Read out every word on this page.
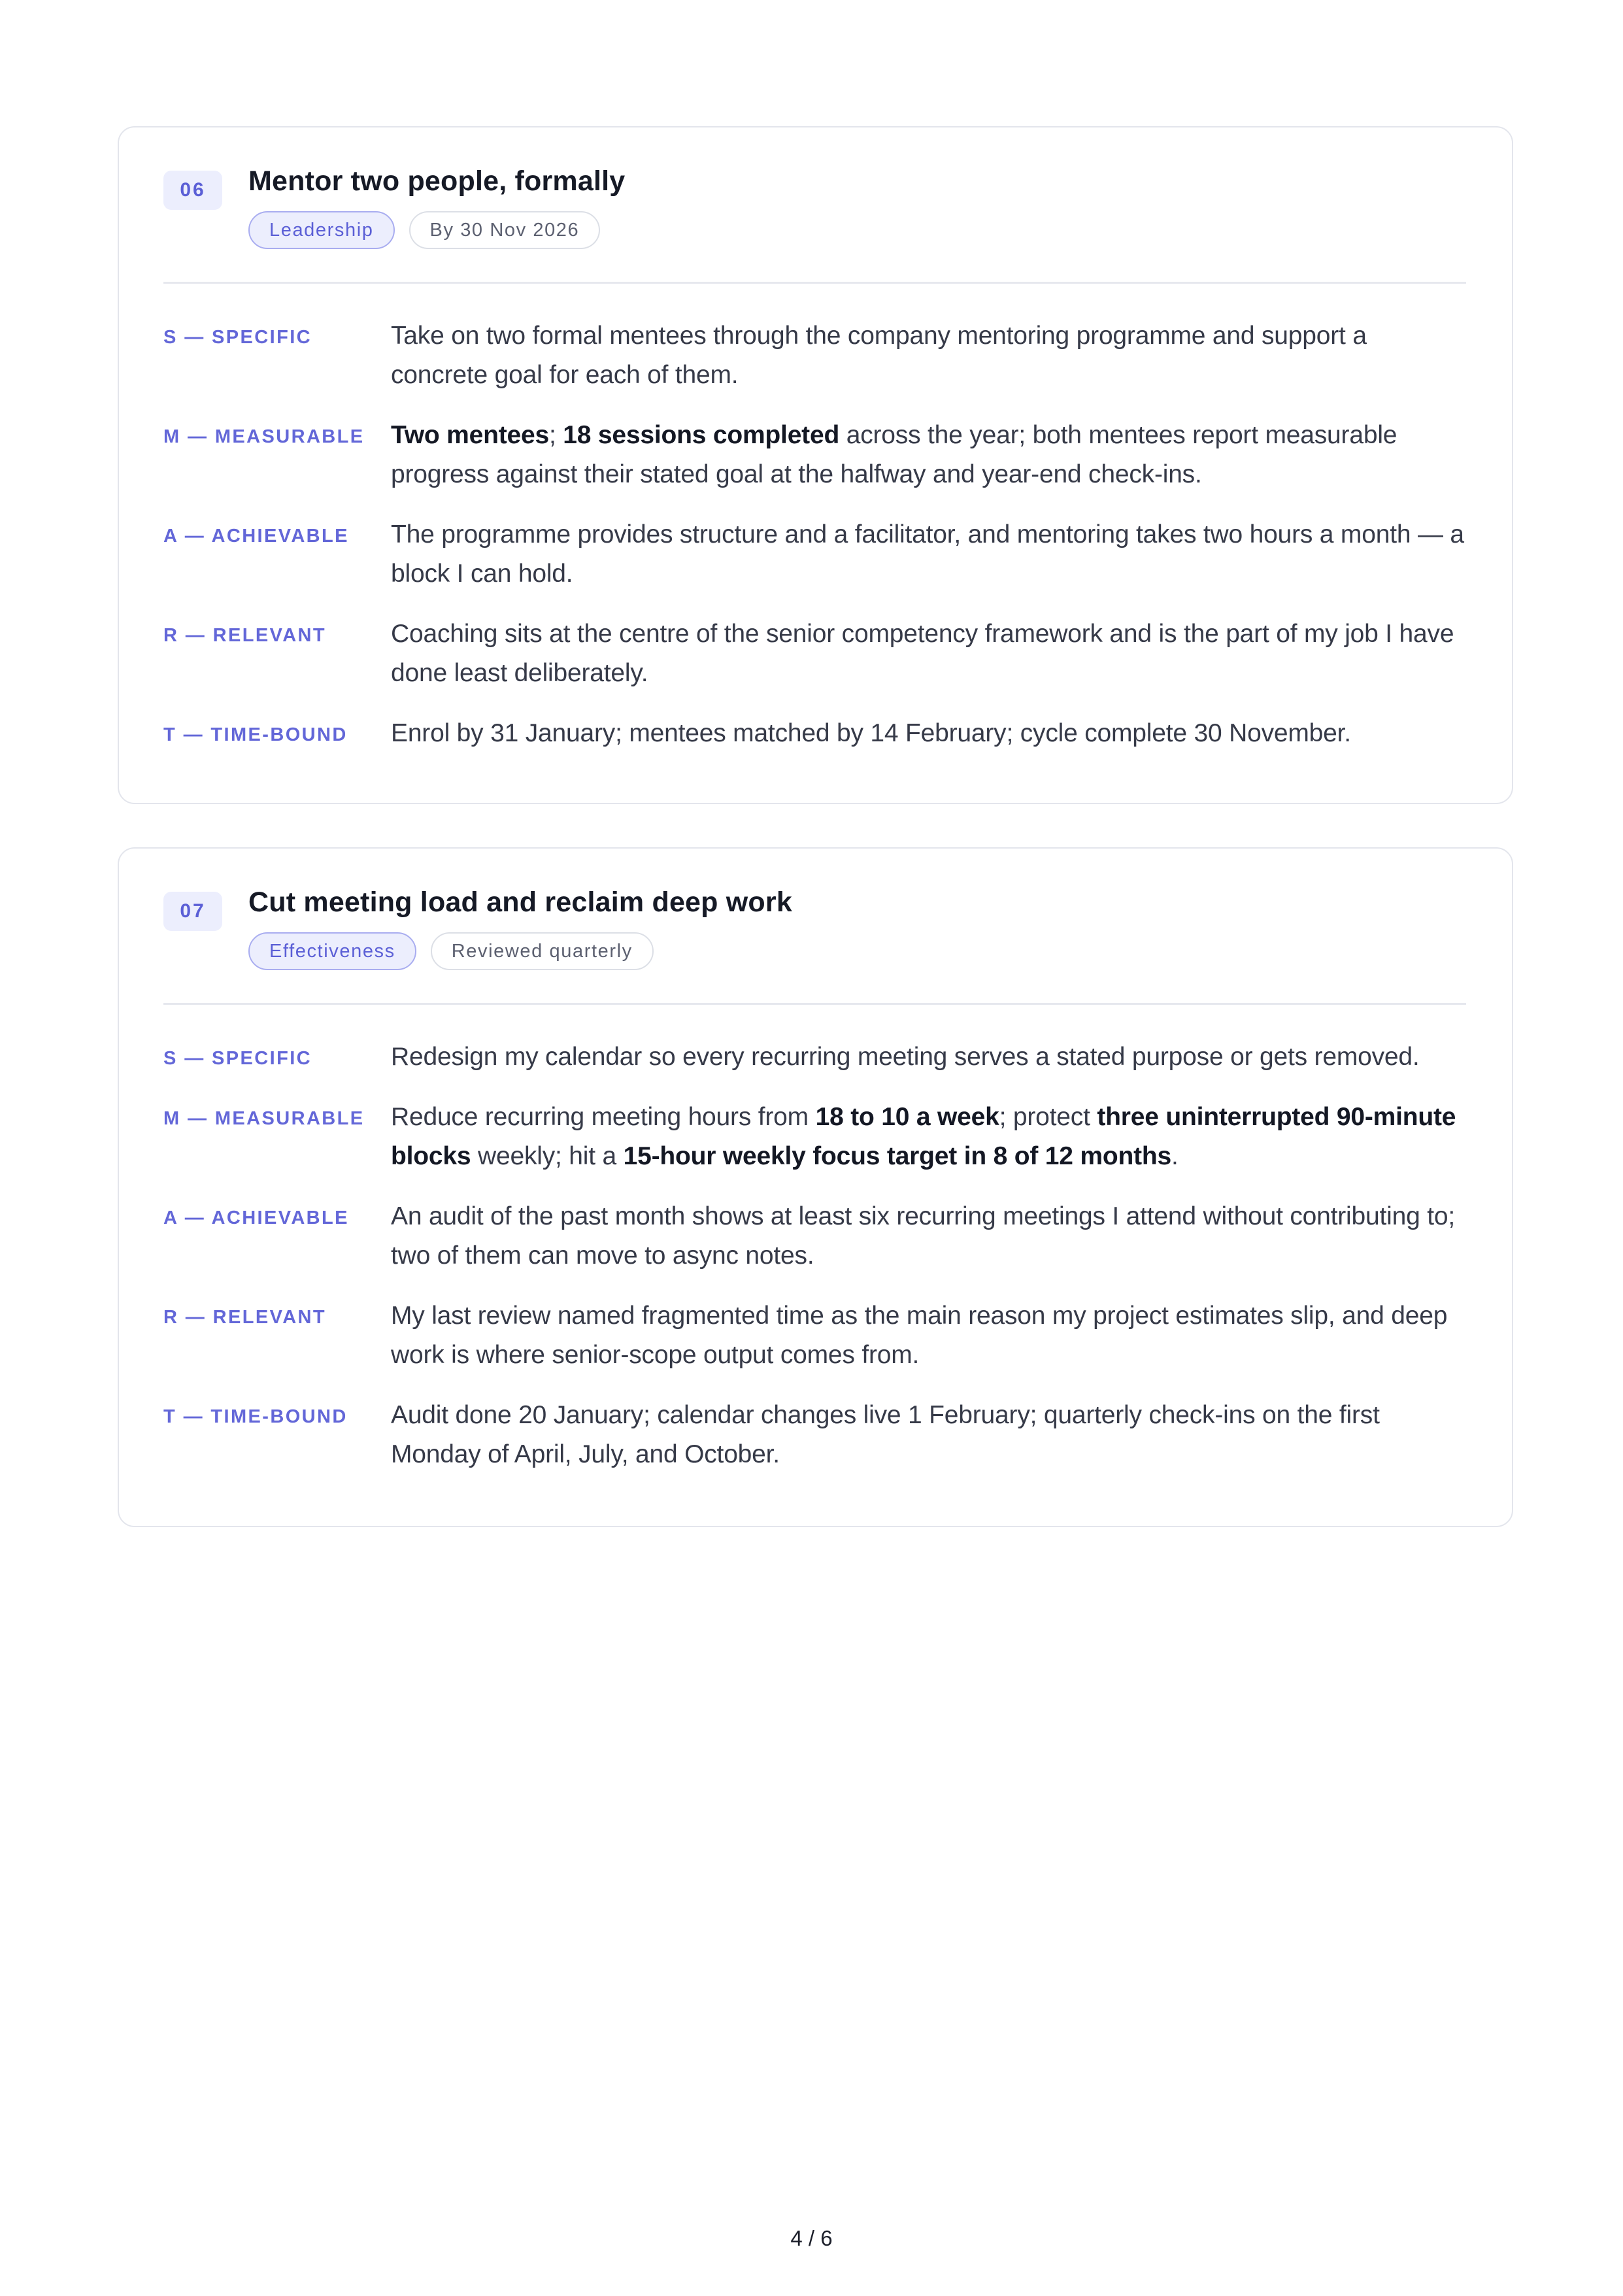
06	Mentor two people, formally
Leadership	By 30 Nov 2026
S — SPECIFIC	Take on two formal mentees through the company mentoring programme and support a concrete goal for each of them.
M — MEASURABLE	Two mentees; 18 sessions completed across the year; both mentees report measurable progress against their stated goal at the halfway and year-end check-ins.
A — ACHIEVABLE	The programme provides structure and a facilitator, and mentoring takes two hours a month — a block I can hold.
R — RELEVANT	Coaching sits at the centre of the senior competency framework and is the part of my job I have done least deliberately.
T — TIME-BOUND	Enrol by 31 January; mentees matched by 14 February; cycle complete 30 November.
07	Cut meeting load and reclaim deep work
Effectiveness	Reviewed quarterly
S — SPECIFIC	Redesign my calendar so every recurring meeting serves a stated purpose or gets removed.
M — MEASURABLE	Reduce recurring meeting hours from 18 to 10 a week; protect three uninterrupted 90-minute blocks weekly; hit a 15-hour weekly focus target in 8 of 12 months.
A — ACHIEVABLE	An audit of the past month shows at least six recurring meetings I attend without contributing to; two of them can move to async notes.
R — RELEVANT	My last review named fragmented time as the main reason my project estimates slip, and deep work is where senior-scope output comes from.
T — TIME-BOUND	Audit done 20 January; calendar changes live 1 February; quarterly check-ins on the first Monday of April, July, and October.
4 / 6
